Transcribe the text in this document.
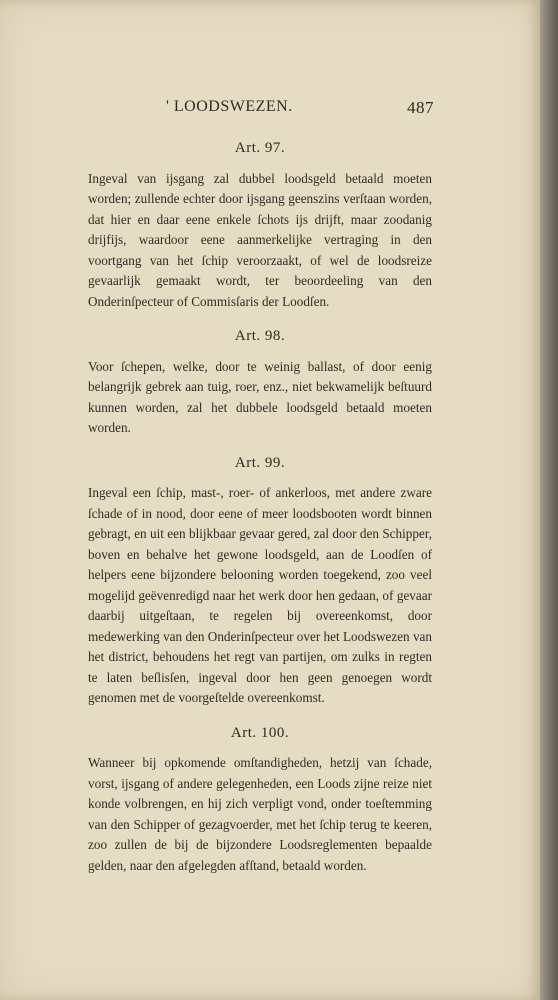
' LOODSWEZEN.	487
Art. 97.

Ingeval van ijsgang zal dubbel loodsgeld betaald moeten worden; zullende echter door ijsgang geenszins verſtaan worden, dat hier en daar eene enkele ſchots ijs drijft, maar zoodanig drijfijs, waardoor eene aanmerkelijke vertraging in den voortgang van het ſchip veroorzaakt, of wel de loodsreize gevaarlijk gemaakt wordt, ter beoordeeling van den Onderinſpecteur of Commisſaris der Loodſen.

Art. 98.

Voor ſchepen, welke, door te weinig ballast, of door eenig belangrijk gebrek aan tuig, roer, enz., niet bekwamelijk beſtuurd kunnen worden, zal het dubbele loodsgeld betaald moeten worden.

Art. 99.

Ingeval een ſchip, mast-, roer- of ankerloos, met andere zware ſchade of in nood, door eene of meer loodsbooten wordt binnen gebragt, en uit een blijkbaar gevaar gered, zal door den Schipper, boven en behalve het gewone loodsgeld, aan de Loodſen of helpers eene bijzondere belooning worden toegekend, zoo veel mogelijd geëvenredigd naar het werk door hen gedaan, of gevaar daarbij uitgeſtaan, te regelen bij overeenkomst, door medewerking van den Onderinſpecteur over het Loodswezen van het district, behoudens het regt van partijen, om zulks in regten te laten beſlisſen, ingeval door hen geen genoegen wordt genomen met de voorgeſtelde overeenkomst.

Art. 100.

Wanneer bij opkomende omſtandigheden, hetzij van ſchade, vorst, ijsgang of andere gelegenheden, een Loods zijne reize niet konde volbrengen, en hij zich verpligt vond, onder toeſtemming van den Schipper of gezagvoerder, met het ſchip terug te keeren, zoo zullen de bij de bijzondere Loodsreglementen bepaalde gelden, naar den afgelegden afſtand, betaald worden.
